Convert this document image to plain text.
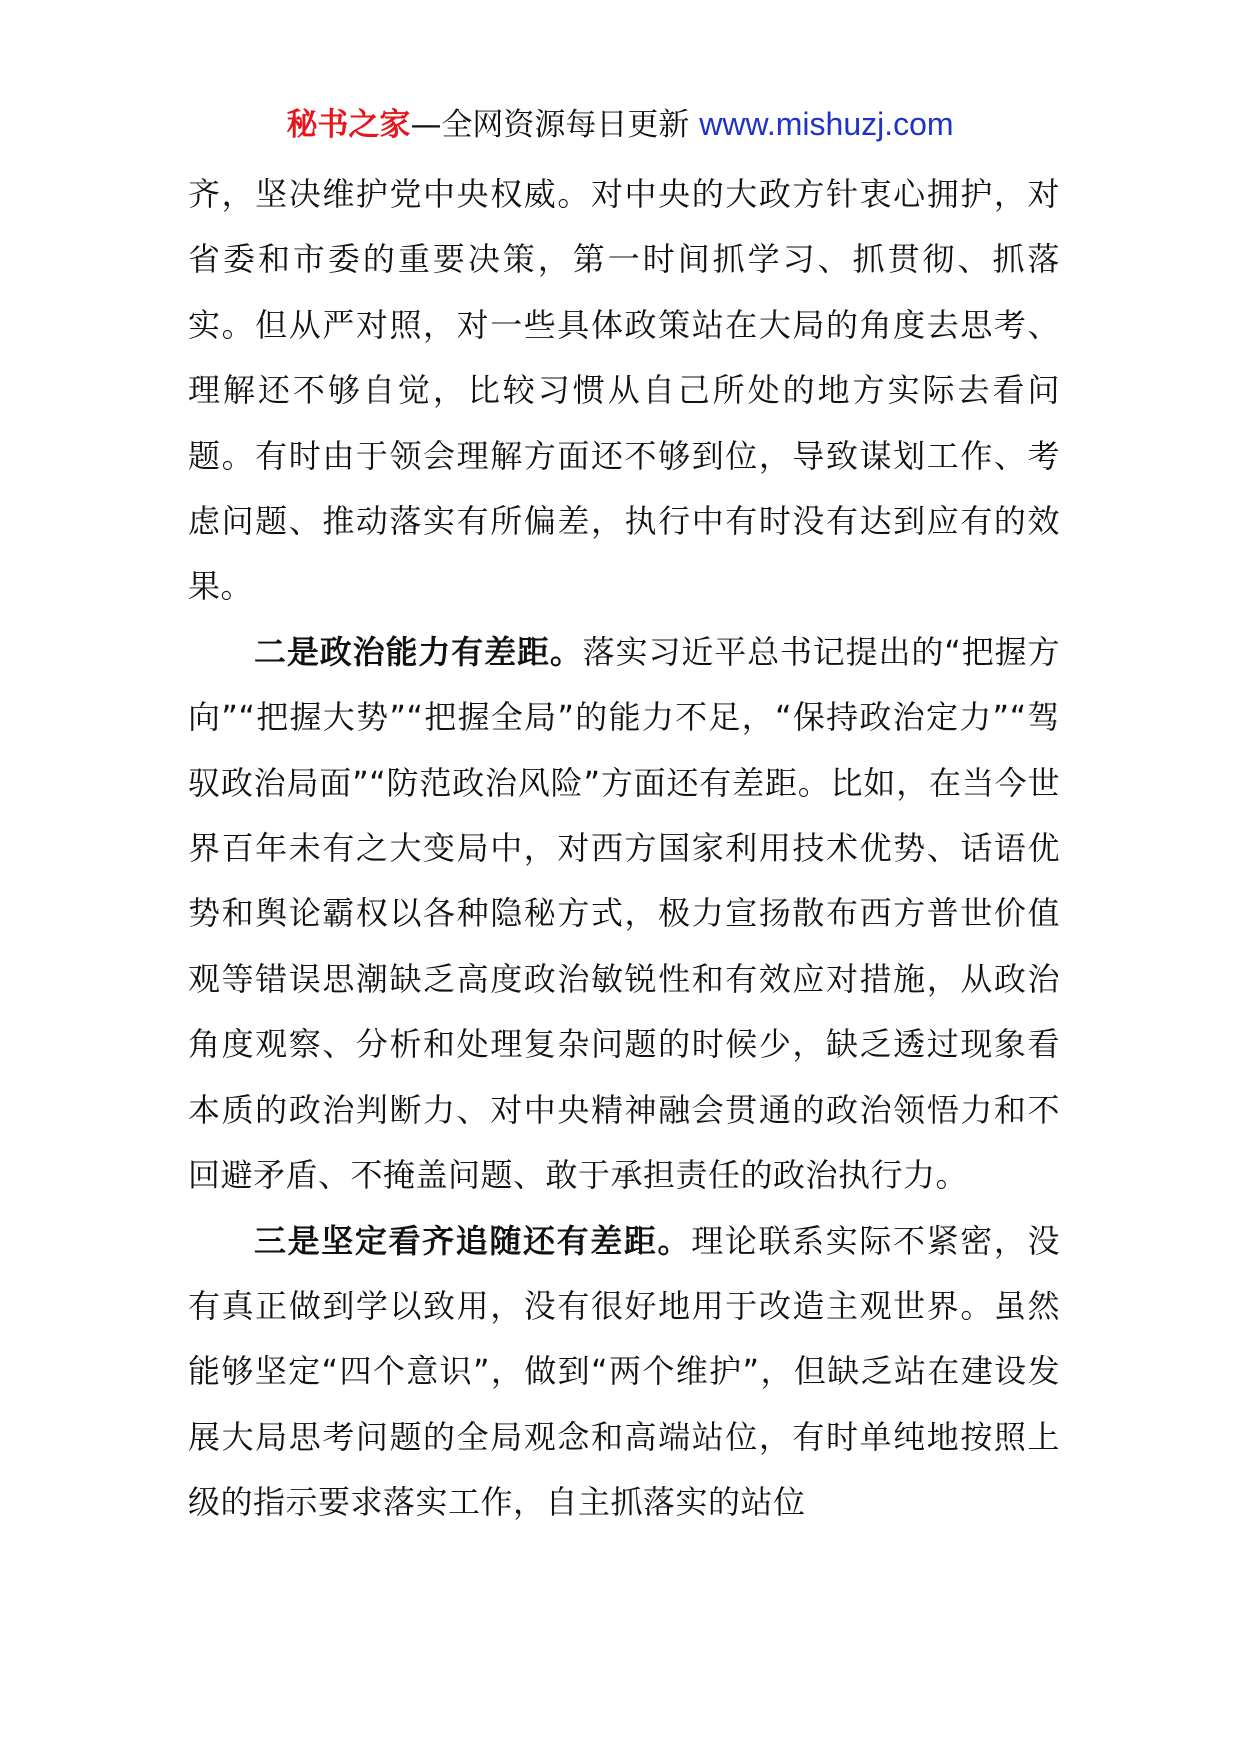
秘书之家—全网资源每日更新 www.mishuzj.com

齐，坚决维护党中央权威。对中央的大政方针衷心拥护，对省委和市委的重要决策，第一时间抓学习、抓贯彻、抓落实。但从严对照，对一些具体政策站在大局的角度去思考、理解还不够自觉，比较习惯从自己所处的地方实际去看问题。有时由于领会理解方面还不够到位，导致谋划工作、考虑问题、推动落实有所偏差，执行中有时没有达到应有的效果。

二是政治能力有差距。落实习近平总书记提出的“把握方向”“把握大势”“把握全局”的能力不足，“保持政治定力”“驾驭政治局面”“防范政治风险”方面还有差距。比如，在当今世界百年未有之大变局中，对西方国家利用技术优势、话语优势和舆论霸权以各种隐秘方式，极力宣扬散布西方普世价值观等错误思潮缺乏高度政治敏锐性和有效应对措施，从政治角度观察、分析和处理复杂问题的时候少，缺乏透过现象看本质的政治判断力、对中央精神融会贯通的政治领悟力和不回避矛盾、不掩盖问题、敢于承担责任的政治执行力。

三是坚定看齐追随还有差距。理论联系实际不紧密，没有真正做到学以致用，没有很好地用于改造主观世界。虽然能够坚定“四个意识”，做到“两个维护”，但缺乏站在建设发展大局思考问题的全局观念和高端站位，有时单纯地按照上级的指示要求落实工作，自主抓落实的站位
